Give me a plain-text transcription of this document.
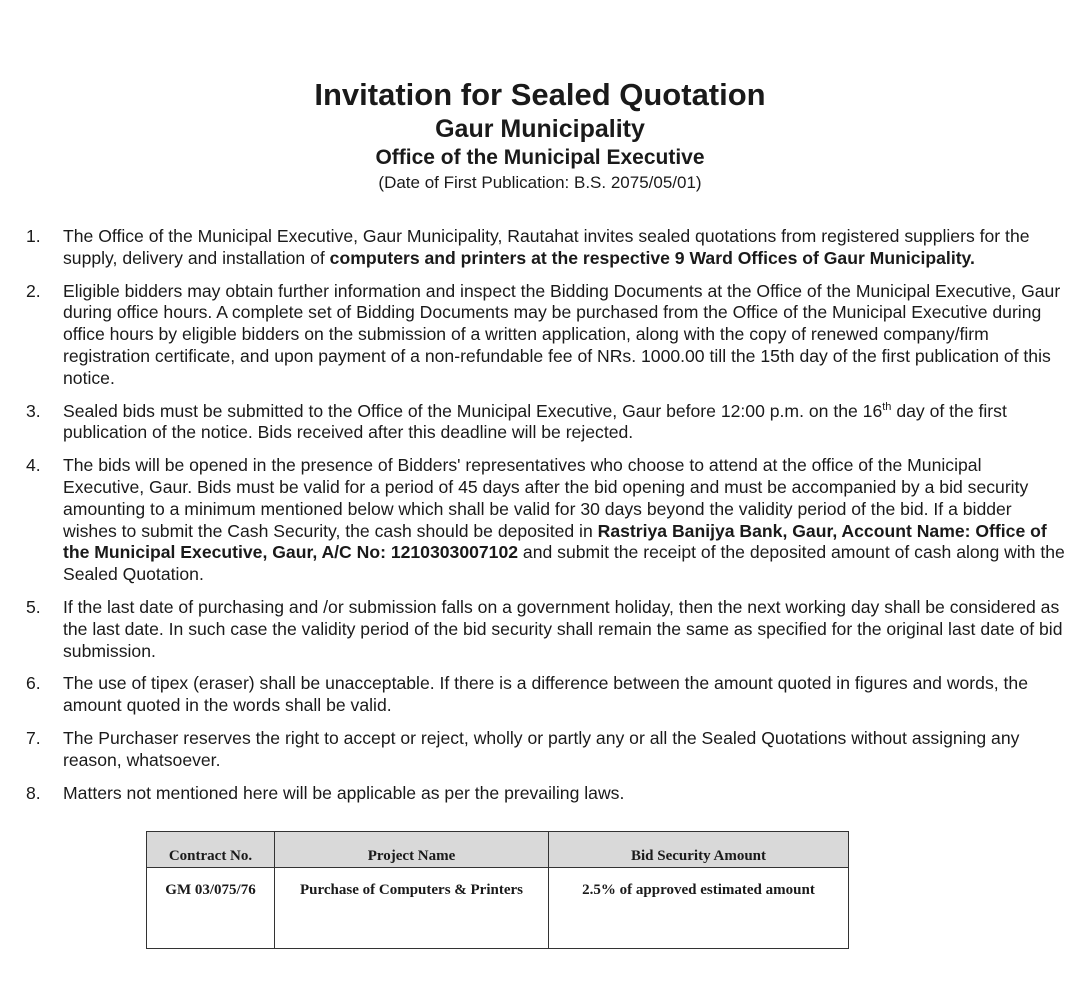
Invitation for Sealed Quotation
Gaur Municipality
Office of the Municipal Executive
(Date of First Publication: B.S. 2075/05/01)
1. The Office of the Municipal Executive, Gaur Municipality, Rautahat invites sealed quotations from registered suppliers for the supply, delivery and installation of computers and printers at the respective 9 Ward Offices of Gaur Municipality.
2. Eligible bidders may obtain further information and inspect the Bidding Documents at the Office of the Municipal Executive, Gaur during office hours. A complete set of Bidding Documents may be purchased from the Office of the Municipal Executive during office hours by eligible bidders on the submission of a written application, along with the copy of renewed company/firm registration certificate, and upon payment of a non-refundable fee of NRs. 1000.00 till the 15th day of the first publication of this notice.
3. Sealed bids must be submitted to the Office of the Municipal Executive, Gaur before 12:00 p.m. on the 16th day of the first publication of the notice. Bids received after this deadline will be rejected.
4. The bids will be opened in the presence of Bidders' representatives who choose to attend at the office of the Municipal Executive, Gaur. Bids must be valid for a period of 45 days after the bid opening and must be accompanied by a bid security amounting to a minimum mentioned below which shall be valid for 30 days beyond the validity period of the bid. If a bidder wishes to submit the Cash Security, the cash should be deposited in Rastriya Banijya Bank, Gaur, Account Name: Office of the Municipal Executive, Gaur, A/C No: 1210303007102 and submit the receipt of the deposited amount of cash along with the Sealed Quotation.
5. If the last date of purchasing and /or submission falls on a government holiday, then the next working day shall be considered as the last date. In such case the validity period of the bid security shall remain the same as specified for the original last date of bid submission.
6. The use of tipex (eraser) shall be unacceptable. If there is a difference between the amount quoted in figures and words, the amount quoted in the words shall be valid.
7. The Purchaser reserves the right to accept or reject, wholly or partly any or all the Sealed Quotations without assigning any reason, whatsoever.
8. Matters not mentioned here will be applicable as per the prevailing laws.
Contract No.	Project Name	Bid Security Amount
GM 03/075/76	Purchase of Computers & Printers	2.5% of approved estimated amount
